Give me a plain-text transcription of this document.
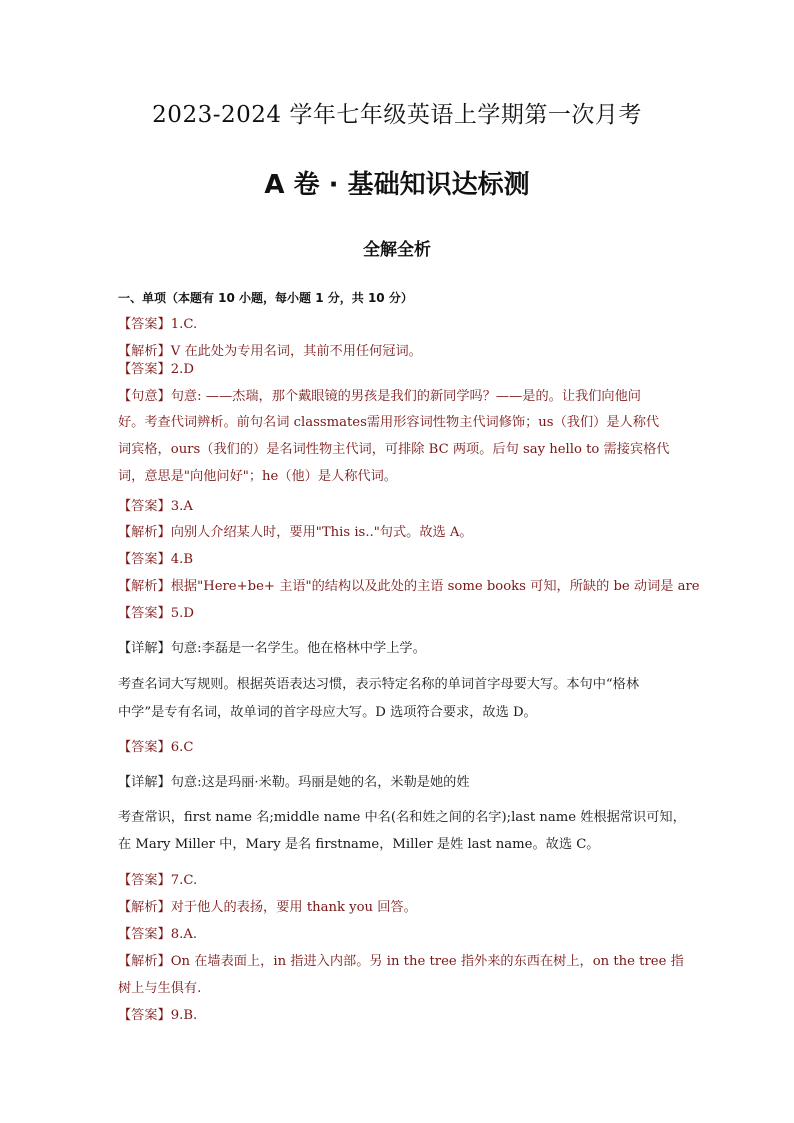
2023-2024 学年七年级英语上学期第一次月考
A 卷 · 基础知识达标测
全解全析
一、单项（本题有 10 小题，每小题 1 分，共 10 分）
【答案】1.C.
【解析】V 在此处为专用名词，其前不用任何冠词。
【答案】2.D
【句意】句意: ——杰瑞，那个戴眼镜的男孩是我们的新同学吗？——是的。让我们向他问
好。考查代词辨析。前句名词 classmates需用形容词性物主代词修饰；us（我们）是人称代
词宾格，ours（我们的）是名词性物主代词，可排除 BC 两项。后句 say hello to 需接宾格代
词，意思是"向他问好"；he（他）是人称代词。
【答案】3.A
【解析】向别人介绍某人时，要用"This is.."句式。故选 A。
【答案】4.B
【解析】根据"Here+be+ 主语"的结构以及此处的主语 some books 可知，所缺的 be 动词是 are
【答案】5.D
【详解】句意:李磊是一名学生。他在格林中学上学。
考查名词大写规则。根据英语表达习惯，表示特定名称的单词首字母要大写。本句中“格林
中学”是专有名词，故单词的首字母应大写。D 选项符合要求，故选 D。
【答案】6.C
【详解】句意:这是玛丽·米勒。玛丽是她的名，米勒是她的姓
考查常识，first name 名;middle name 中名(名和姓之间的名字);last name 姓根据常识可知，
在 Mary Miller 中，Mary 是名 firstname，Miller 是姓 last name。故选 C。
【答案】7.C.
【解析】对于他人的表扬，要用 thank you 回答。
【答案】8.A.
【解析】On 在墙表面上，in 指进入内部。另 in the tree 指外来的东西在树上，on the tree 指
树上与生俱有.
【答案】9.B.
